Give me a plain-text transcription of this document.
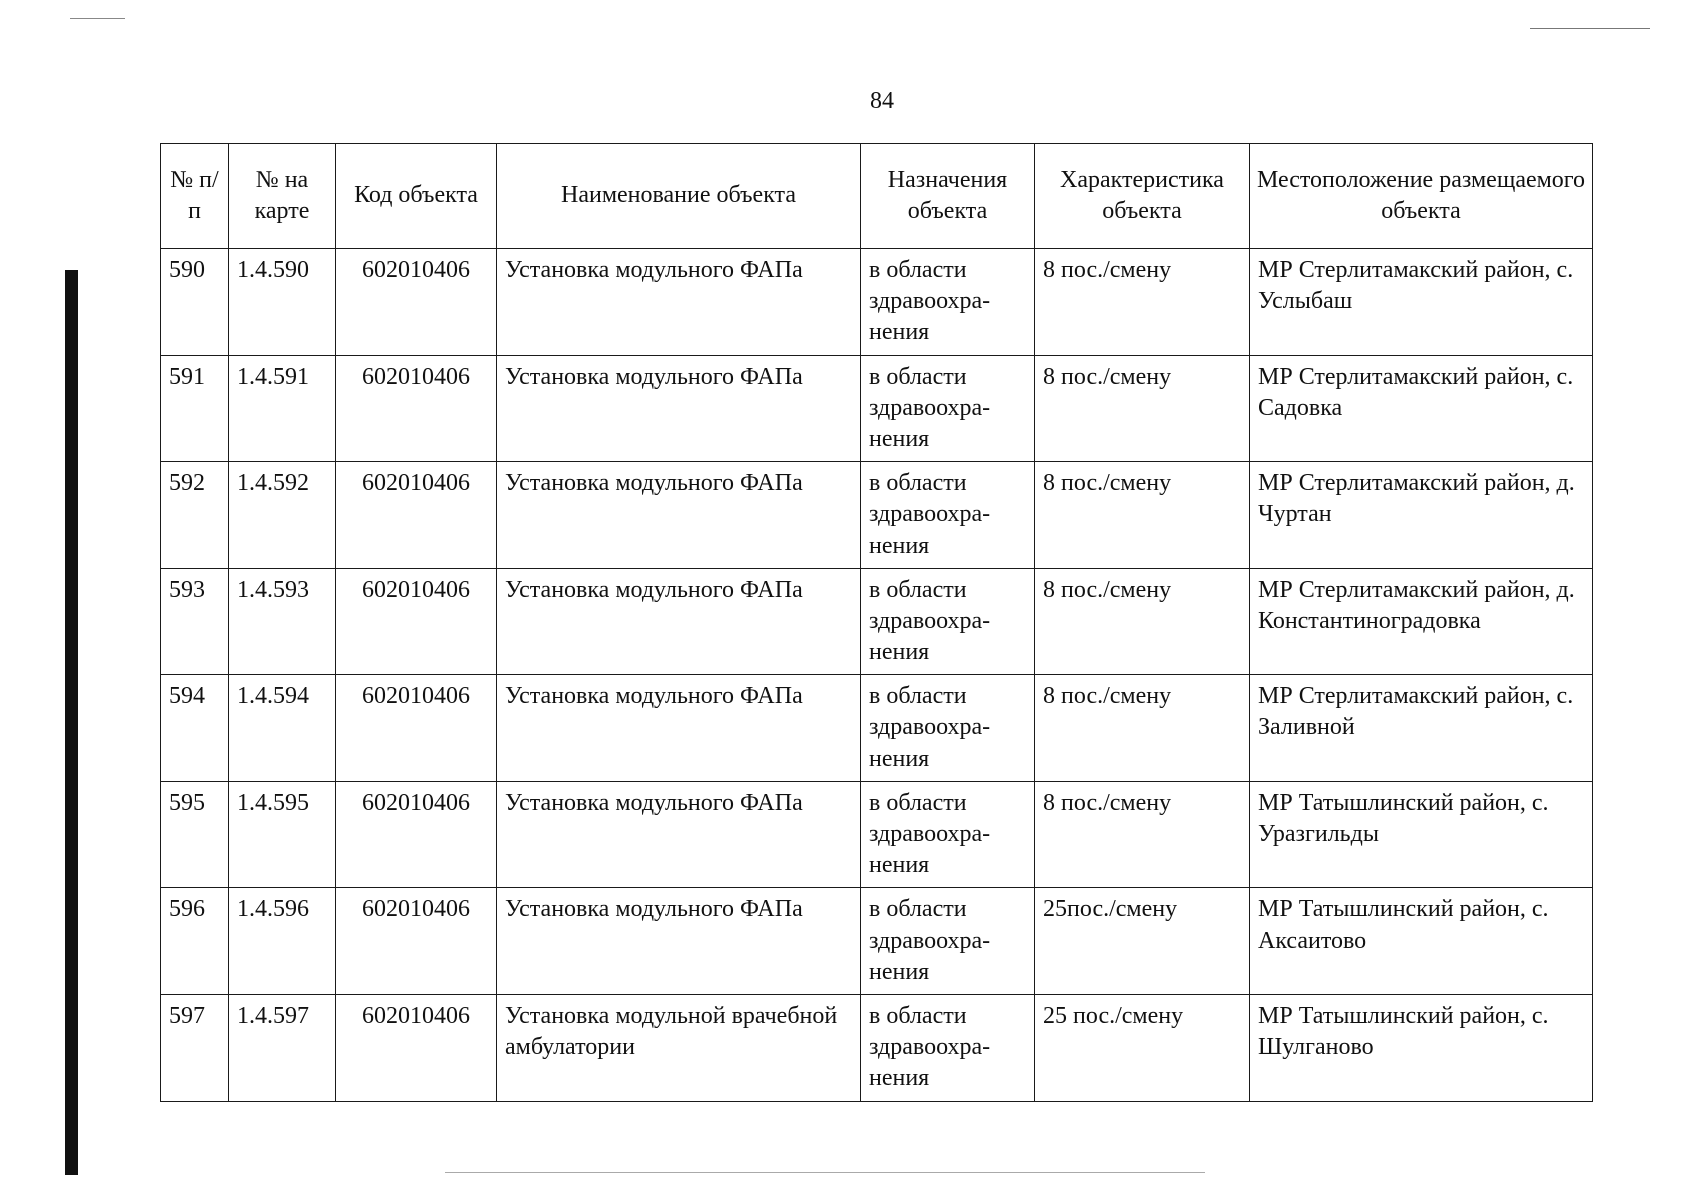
84
№ п/п	№ на карте	Код объекта	Наименование объекта	Назначения объекта	Характеристика объекта	Местоположение размещаемого объекта
590	1.4.590	602010406	Установка модульного ФАПа	в области здравоохра-нения	8 пос./смену	МР Стерлитамакский район, с. Услыбаш
591	1.4.591	602010406	Установка модульного ФАПа	в области здравоохра-нения	8 пос./смену	МР Стерлитамакский район, с. Садовка
592	1.4.592	602010406	Установка модульного ФАПа	в области здравоохра-нения	8 пос./смену	МР Стерлитамакский район, д. Чуртан
593	1.4.593	602010406	Установка модульного ФАПа	в области здравоохра-нения	8 пос./смену	МР Стерлитамакский район, д. Константиноградовка
594	1.4.594	602010406	Установка модульного ФАПа	в области здравоохра-нения	8 пос./смену	МР Стерлитамакский район, с. Заливной
595	1.4.595	602010406	Установка модульного ФАПа	в области здравоохра-нения	8 пос./смену	МР Татышлинский район, с. Уразгильды
596	1.4.596	602010406	Установка модульного ФАПа	в области здравоохра-нения	25пос./смену	МР Татышлинский район, с. Аксаитово
597	1.4.597	602010406	Установка модульной врачебной амбулатории	в области здравоохра-нения	25 пос./смену	МР Татышлинский район, с. Шулганово
